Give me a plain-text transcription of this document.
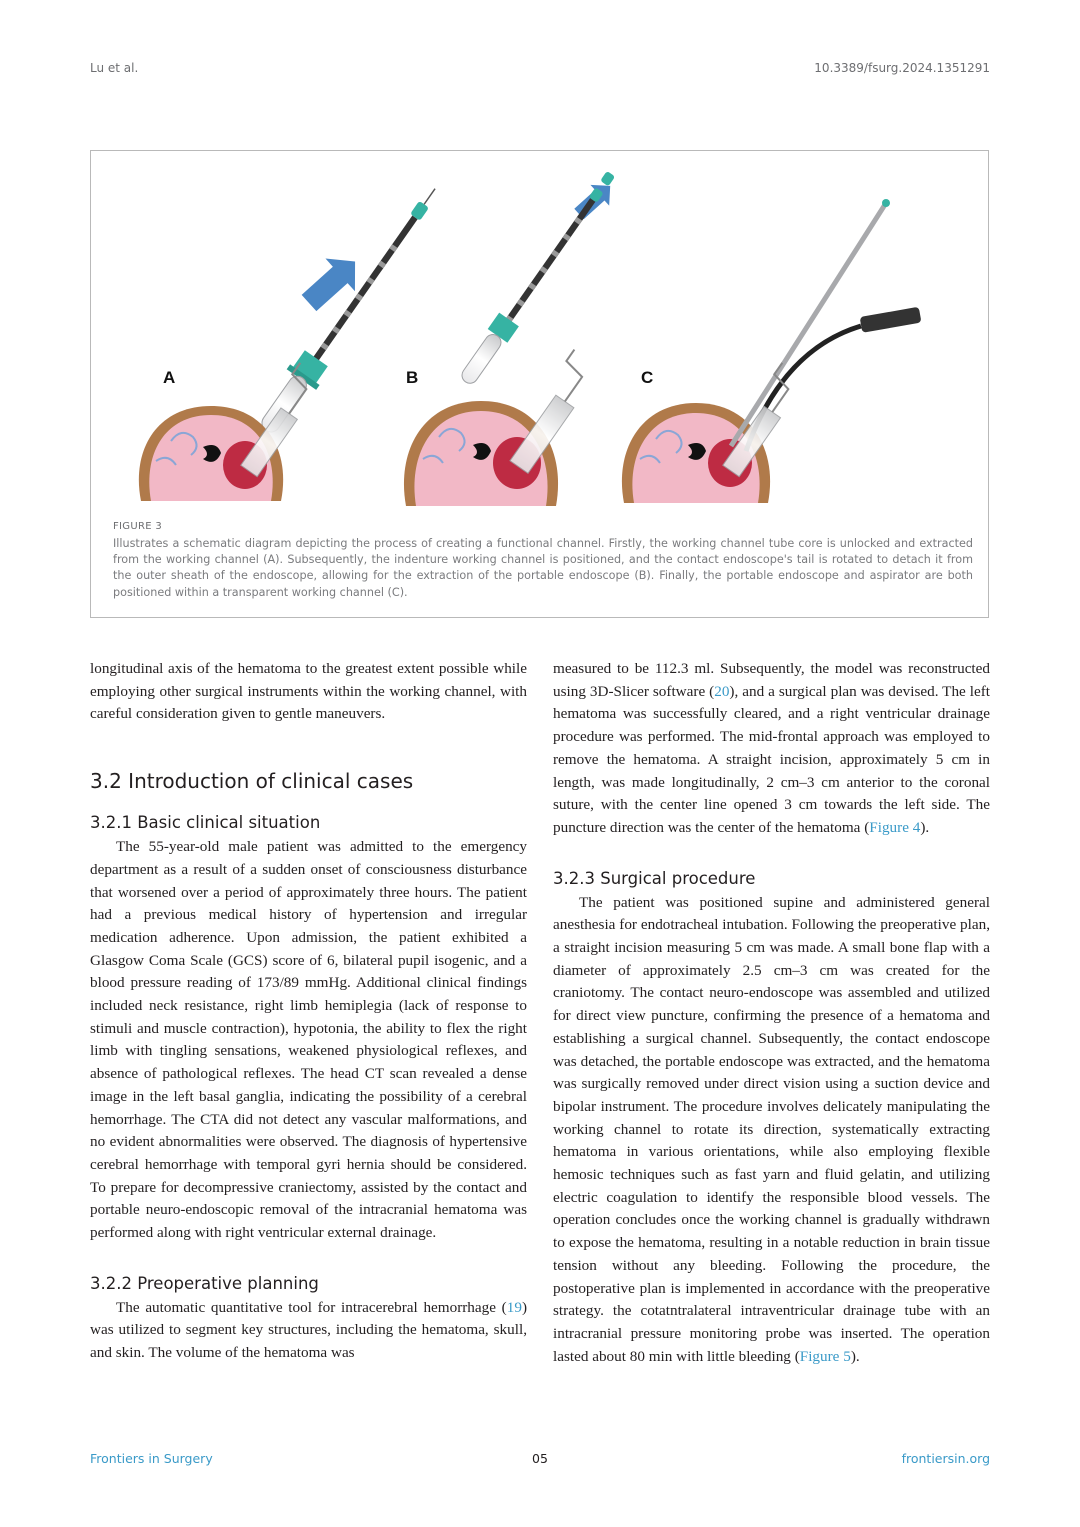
Lu et al.	10.3389/fsurg.2024.1351291
A	B	C
FIGURE 3

Illustrates a schematic diagram depicting the process of creating a functional channel. Firstly, the working channel tube core is unlocked and extracted from the working channel (A). Subsequently, the indenture working channel is positioned, and the contact endoscope's tail is rotated to detach it from the outer sheath of the endoscope, allowing for the extraction of the portable endoscope (B). Finally, the portable endoscope and aspirator are both positioned within a transparent working channel (C).

longitudinal axis of the hematoma to the greatest extent possible while employing other surgical instruments within the working channel, with careful consideration given to gentle maneuvers.

3.2 Introduction of clinical cases
3.2.1 Basic clinical situation

The 55-year-old male patient was admitted to the emergency department as a result of a sudden onset of consciousness disturbance that worsened over a period of approximately three hours. The patient had a previous medical history of hypertension and irregular medication adherence. Upon admission, the patient exhibited a Glasgow Coma Scale (GCS) score of 6, bilateral pupil isogenic, and a blood pressure reading of 173/89 mmHg. Additional clinical findings included neck resistance, right limb hemiplegia (lack of response to stimuli and muscle contraction), hypotonia, the ability to flex the right limb with tingling sensations, weakened physiological reflexes, and absence of pathological reflexes. The head CT scan revealed a dense image in the left basal ganglia, indicating the possibility of a cerebral hemorrhage. The CTA did not detect any vascular malformations, and no evident abnormalities were observed. The diagnosis of hypertensive cerebral hemorrhage with temporal gyri hernia should be considered. To prepare for decompressive craniectomy, assisted by the contact and portable neuro-endoscopic removal of the intracranial hematoma was performed along with right ventricular external drainage.

3.2.2 Preoperative planning

The automatic quantitative tool for intracerebral hemorrhage (19) was utilized to segment key structures, including the hematoma, skull, and skin. The volume of the hematoma was

measured to be 112.3 ml. Subsequently, the model was reconstructed using 3D-Slicer software (20), and a surgical plan was devised. The left hematoma was successfully cleared, and a right ventricular drainage procedure was performed. The mid-frontal approach was employed to remove the hematoma. A straight incision, approximately 5 cm in length, was made longitudinally, 2 cm–3 cm anterior to the coronal suture, with the center line opened 3 cm towards the left side. The puncture direction was the center of the hematoma (Figure 4).

3.2.3 Surgical procedure

The patient was positioned supine and administered general anesthesia for endotracheal intubation. Following the preoperative plan, a straight incision measuring 5 cm was made. A small bone flap with a diameter of approximately 2.5 cm–3 cm was created for the craniotomy. The contact neuro-endoscope was assembled and utilized for direct view puncture, confirming the presence of a hematoma and establishing a surgical channel. Subsequently, the contact endoscope was detached, the portable endoscope was extracted, and the hematoma was surgically removed under direct vision using a suction device and bipolar instrument. The procedure involves delicately manipulating the working channel to rotate its direction, systematically extracting hematoma in various orientations, while also employing flexible hemosic techniques such as fast yarn and fluid gelatin, and utilizing electric coagulation to identify the responsible blood vessels. The operation concludes once the working channel is gradually withdrawn to expose the hematoma, resulting in a notable reduction in brain tissue tension without any bleeding. Following the procedure, the postoperative plan is implemented in accordance with the preoperative strategy. the cotatntralateral intraventricular drainage tube with an intracranial pressure monitoring probe was inserted. The operation lasted about 80 min with little bleeding (Figure 5).

Frontiers in Surgery	05	frontiersin.org
